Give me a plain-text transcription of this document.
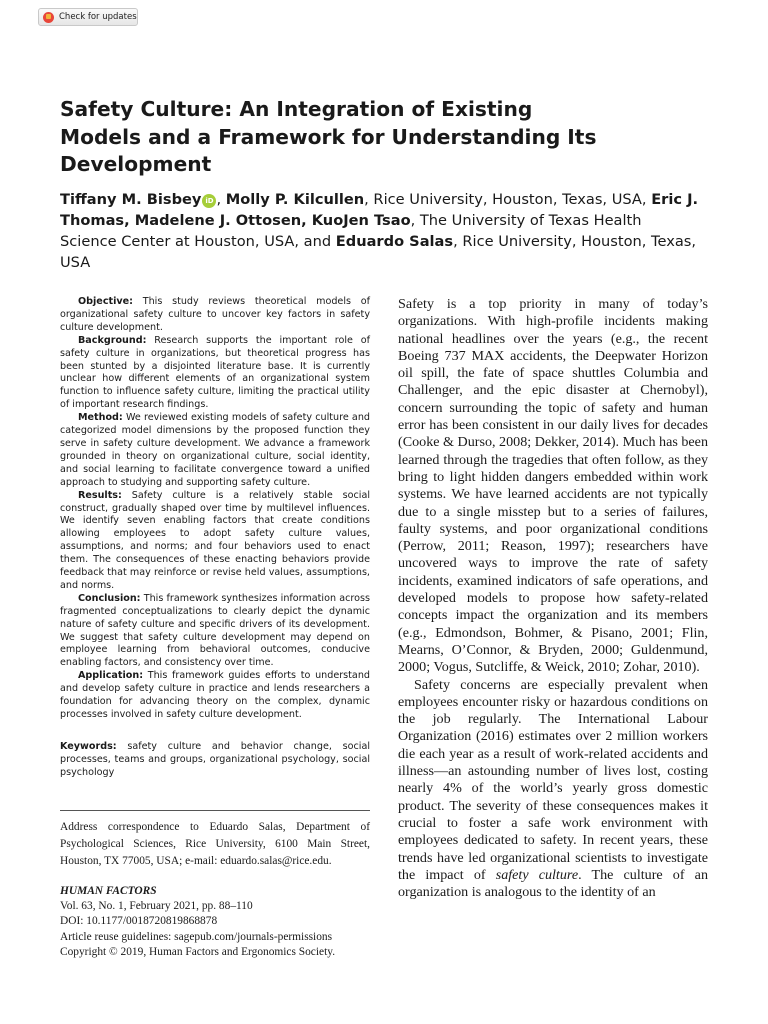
Check for updates
Safety Culture: An Integration of Existing Models and a Framework for Understanding Its Development
Tiffany M. Bisbey iD , Molly P. Kilcullen, Rice University, Houston, Texas, USA, Eric J. Thomas, Madelene J. Ottosen, KuoJen Tsao, The University of Texas Health Science Center at Houston, USA, and Eduardo Salas, Rice University, Houston, Texas, USA

Objective: This study reviews theoretical models of organizational safety culture to uncover key factors in safety culture development.

Background: Research supports the important role of safety culture in organizations, but theoretical progress has been stunted by a disjointed literature base. It is currently unclear how different elements of an organizational system function to influence safety culture, limiting the practical utility of important research findings.

Method: We reviewed existing models of safety culture and categorized model dimensions by the proposed function they serve in safety culture development. We advance a framework grounded in theory on organizational culture, social identity, and social learning to facilitate convergence toward a unified approach to studying and supporting safety culture.

Results: Safety culture is a relatively stable social construct, gradually shaped over time by multilevel influences. We identify seven enabling factors that create conditions allowing employees to adopt safety culture values, assumptions, and norms; and four behaviors used to enact them. The consequences of these enacting behaviors provide feedback that may reinforce or revise held values, assumptions, and norms.

Conclusion: This framework synthesizes information across fragmented conceptualizations to clearly depict the dynamic nature of safety culture and specific drivers of its development. We suggest that safety culture development may depend on employee learning from behavioral outcomes, conducive enabling factors, and consistency over time.

Application: This framework guides efforts to understand and develop safety culture in practice and lends researchers a foundation for advancing theory on the complex, dynamic processes involved in safety culture development.

Keywords: safety culture and behavior change, social processes, teams and groups, organizational psychology, social psychology
Address correspondence to Eduardo Salas, Department of Psychological Sciences, Rice University, 6100 Main Street, Houston, TX 77005, USA; e-mail: eduardo.salas@rice.edu.
HUMAN FACTORS
Vol. 63, No. 1, February 2021, pp. 88–110
DOI: 10.1177/0018720819868878
Article reuse guidelines: sagepub.com/journals-permissions
Copyright © 2019, Human Factors and Ergonomics Society.

Safety is a top priority in many of today’s organizations. With high-profile incidents making national headlines over the years (e.g., the recent Boeing 737 MAX accidents, the Deepwater Horizon oil spill, the fate of space shuttles Columbia and Challenger, and the epic disaster at Chernobyl), concern surrounding the topic of safety and human error has been consistent in our daily lives for decades (Cooke & Durso, 2008; Dekker, 2014). Much has been learned through the tragedies that often follow, as they bring to light hidden dangers embedded within work systems. We have learned accidents are not typically due to a single misstep but to a series of failures, faulty systems, and poor organizational conditions (Perrow, 2011; Reason, 1997); researchers have uncovered ways to improve the rate of safety incidents, examined indicators of safe operations, and developed models to propose how safety-related concepts impact the organization and its members (e.g., Edmondson, Bohmer, & Pisano, 2001; Flin, Mearns, O’Connor, & Bryden, 2000; Guldenmund, 2000; Vogus, Sutcliffe, & Weick, 2010; Zohar, 2010).

Safety concerns are especially prevalent when employees encounter risky or hazardous conditions on the job regularly. The International Labour Organization (2016) estimates over 2 million workers die each year as a result of work-related accidents and illness—an astounding number of lives lost, costing nearly 4% of the world’s yearly gross domestic product. The severity of these consequences makes it crucial to foster a safe work environment with employees dedicated to safety. In recent years, these trends have led organizational scientists to investigate the impact of safety culture. The culture of an organization is analogous to the identity of an
